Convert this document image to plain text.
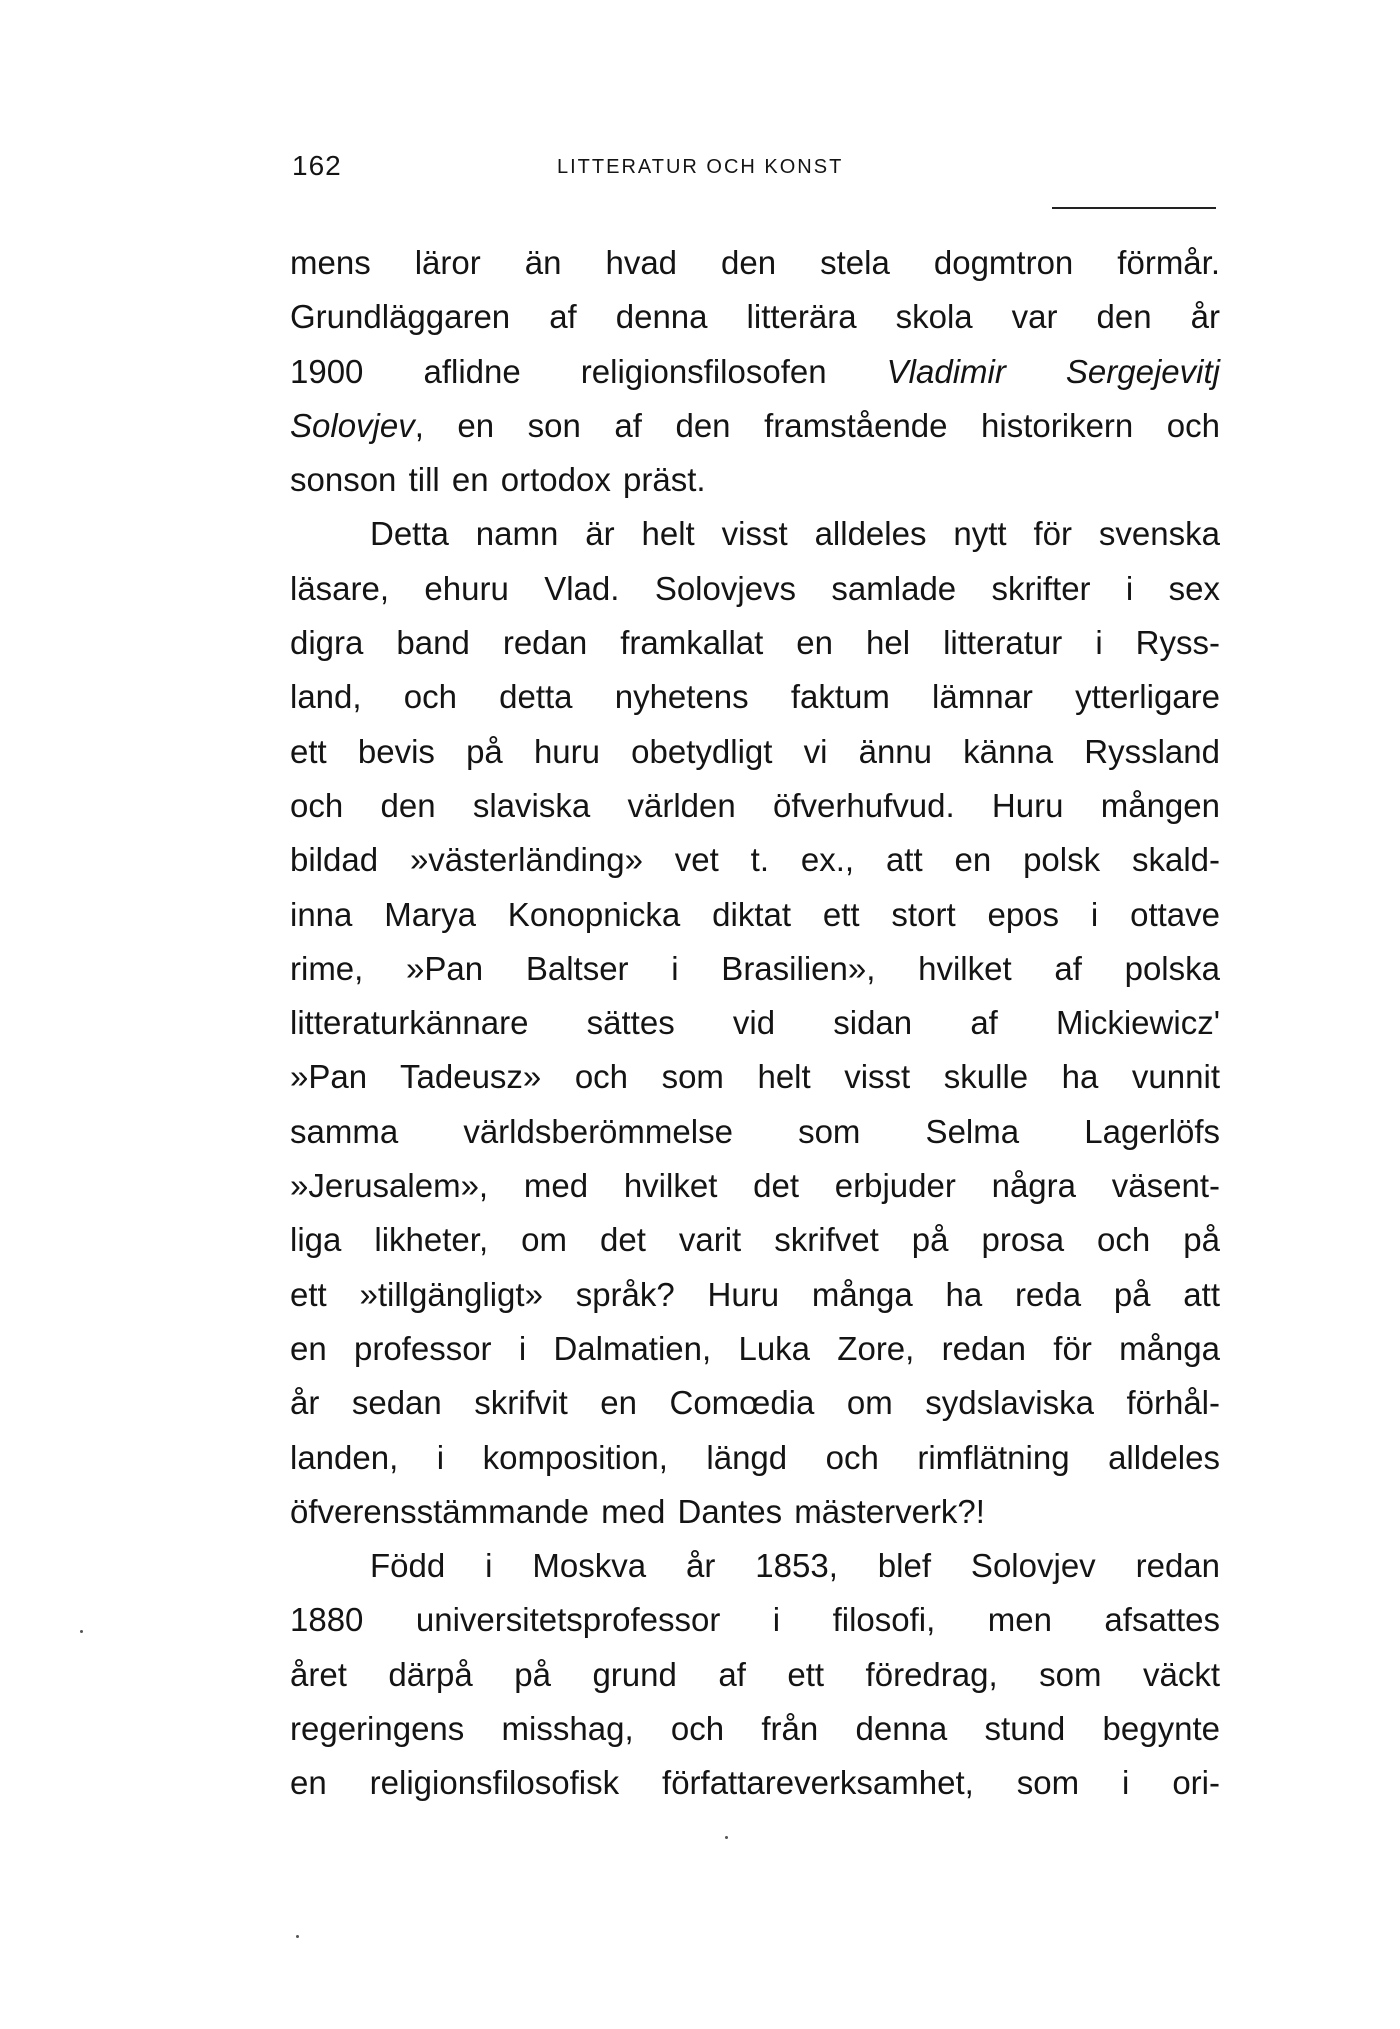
162	LITTERATUR OCH KONST
mens läror än hvad den stela dogmtron förmår.
Grundläggaren af denna litterära skola var den år
1900 aflidne religionsfilosofen Vladimir Sergejevitj
Solovjev, en son af den framstående historikern och
sonson till en ortodox präst.
Detta namn är helt visst alldeles nytt för svenska
läsare, ehuru Vlad. Solovjevs samlade skrifter i sex
digra band redan framkallat en hel litteratur i Ryss-
land, och detta nyhetens faktum lämnar ytterligare
ett bevis på huru obetydligt vi ännu känna Ryssland
och den slaviska världen öfverhufvud. Huru mången
bildad »västerländing» vet t. ex., att en polsk skald-
inna Marya Konopnicka diktat ett stort epos i ottave
rime, »Pan Baltser i Brasilien», hvilket af polska
litteraturkännare sättes vid sidan af Mickiewicz'
»Pan Tadeusz» och som helt visst skulle ha vunnit
samma världsberömmelse som Selma Lagerlöfs
»Jerusalem», med hvilket det erbjuder några väsent-
liga likheter, om det varit skrifvet på prosa och på
ett »tillgängligt» språk? Huru många ha reda på att
en professor i Dalmatien, Luka Zore, redan för många
år sedan skrifvit en Comœdia om sydslaviska förhål-
landen, i komposition, längd och rimflätning alldeles
öfverensstämmande med Dantes mästerverk?!
Född i Moskva år 1853, blef Solovjev redan
1880 universitetsprofessor i filosofi, men afsattes
året därpå på grund af ett föredrag, som väckt
regeringens misshag, och från denna stund begynte
en religionsfilosofisk författareverksamhet, som i ori-
